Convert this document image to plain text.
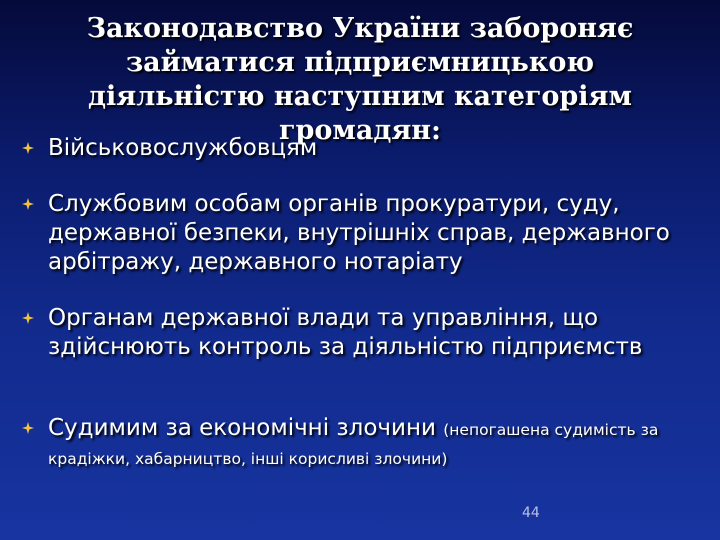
Законодавство України забороняє займатися підприємницькою діяльністю наступним категоріям громадян:
Військовослужбовцям
Службовим особам органів прокуратури, суду, державної безпеки, внутрішніх справ, державного арбітражу, державного нотаріату
Органам державної влади та управління, що здійснюють контроль за діяльністю підприємств
Судимим за економічні злочини (непогашена судимість за крадіжки, хабарництво, інші корисливі злочини)
44
